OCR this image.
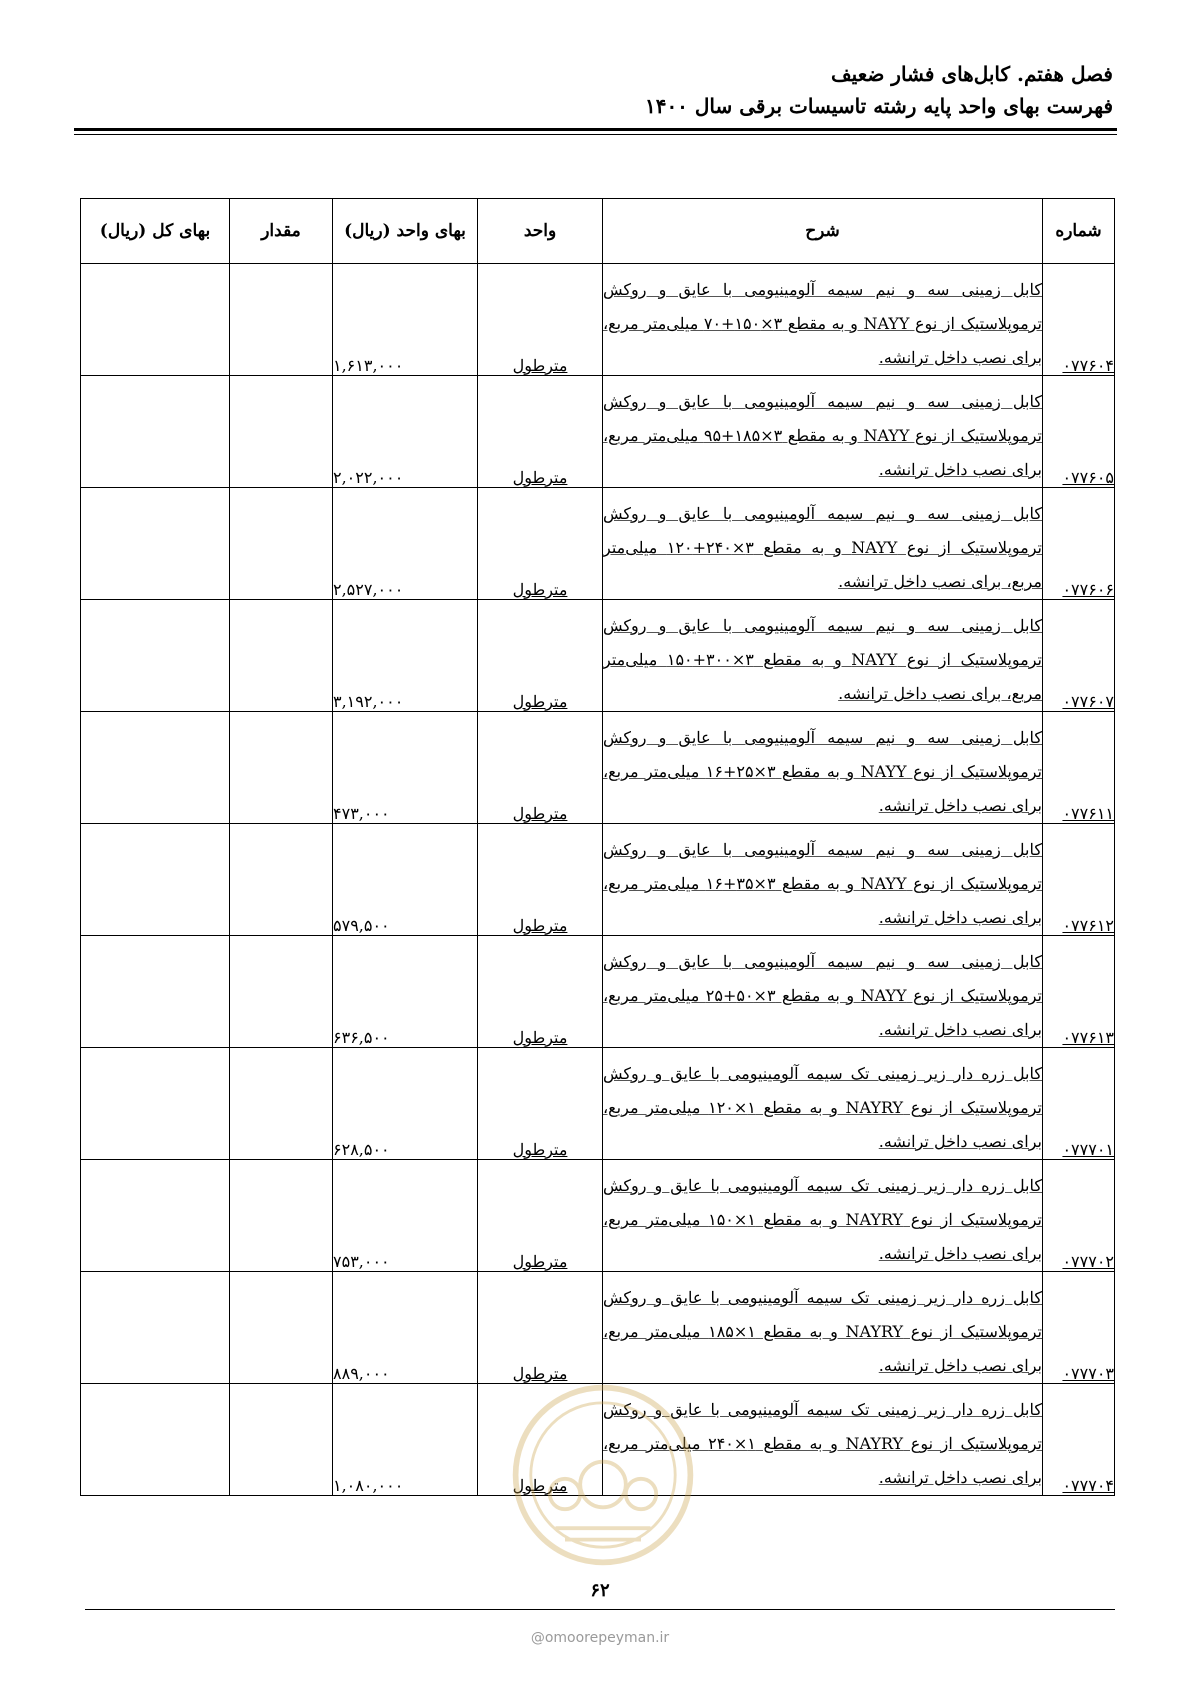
فصل هفتم. کابل‌های فشار ضعیف
فهرست بهای واحد پایه رشته تاسیسات برقی سال ۱۴۰۰
شماره	شرح	واحد	بهای واحد (ریال)	مقدار	بهای کل (ریال)
۰۷۷۶۰۴	کابل زمینی سه و نیم سیمه آلومینیومی با عایق و روکش ترموپلاستیک از نوع NAYY و به مقطع ۳×۱۵۰+۷۰ میلی‌متر مربع، برای نصب داخل ترانشه.	مترطول	۱,۶۱۳,۰۰۰		
۰۷۷۶۰۵	کابل زمینی سه و نیم سیمه آلومینیومی با عایق و روکش ترموپلاستیک از نوع NAYY و به مقطع ۳×۱۸۵+۹۵ میلی‌متر مربع، برای نصب داخل ترانشه.	مترطول	۲,۰۲۲,۰۰۰		
۰۷۷۶۰۶	کابل زمینی سه و نیم سیمه آلومینیومی با عایق و روکش ترموپلاستیک از نوع NAYY و به مقطع ۳×۲۴۰+۱۲۰ میلی‌متر مربع، برای نصب داخل ترانشه.	مترطول	۲,۵۲۷,۰۰۰		
۰۷۷۶۰۷	کابل زمینی سه و نیم سیمه آلومینیومی با عایق و روکش ترموپلاستیک از نوع NAYY و به مقطع ۳×۳۰۰+۱۵۰ میلی‌متر مربع، برای نصب داخل ترانشه.	مترطول	۳,۱۹۲,۰۰۰		
۰۷۷۶۱۱	کابل زمینی سه و نیم سیمه آلومینیومی با عایق و روکش ترموپلاستیک از نوع NAYY و به مقطع ۳×۲۵+۱۶ میلی‌متر مربع، برای نصب داخل ترانشه.	مترطول	۴۷۳,۰۰۰		
۰۷۷۶۱۲	کابل زمینی سه و نیم سیمه آلومینیومی با عایق و روکش ترموپلاستیک از نوع NAYY و به مقطع ۳×۳۵+۱۶ میلی‌متر مربع، برای نصب داخل ترانشه.	مترطول	۵۷۹,۵۰۰		
۰۷۷۶۱۳	کابل زمینی سه و نیم سیمه آلومینیومی با عایق و روکش ترموپلاستیک از نوع NAYY و به مقطع ۳×۵۰+۲۵ میلی‌متر مربع، برای نصب داخل ترانشه.	مترطول	۶۳۶,۵۰۰		
۰۷۷۷۰۱	کابل زره دار زیر زمینی تک سیمه آلومینیومی با عایق و روکش ترموپلاستیک از نوع NAYRY و به مقطع ۱×۱۲۰ میلی‌متر مربع، برای نصب داخل ترانشه.	مترطول	۶۲۸,۵۰۰		
۰۷۷۷۰۲	کابل زره دار زیر زمینی تک سیمه آلومینیومی با عایق و روکش ترموپلاستیک از نوع NAYRY و به مقطع ۱×۱۵۰ میلی‌متر مربع، برای نصب داخل ترانشه.	مترطول	۷۵۳,۰۰۰		
۰۷۷۷۰۳	کابل زره دار زیر زمینی تک سیمه آلومینیومی با عایق و روکش ترموپلاستیک از نوع NAYRY و به مقطع ۱×۱۸۵ میلی‌متر مربع، برای نصب داخل ترانشه.	مترطول	۸۸۹,۰۰۰		
۰۷۷۷۰۴	کابل زره دار زیر زمینی تک سیمه آلومینیومی با عایق و روکش ترموپلاستیک از نوع NAYRY و به مقطع ۱×۲۴۰ میلی‌متر مربع، برای نصب داخل ترانشه.	مترطول	۱,۰۸۰,۰۰۰		
۶۲
@omoorepeyman.ir
